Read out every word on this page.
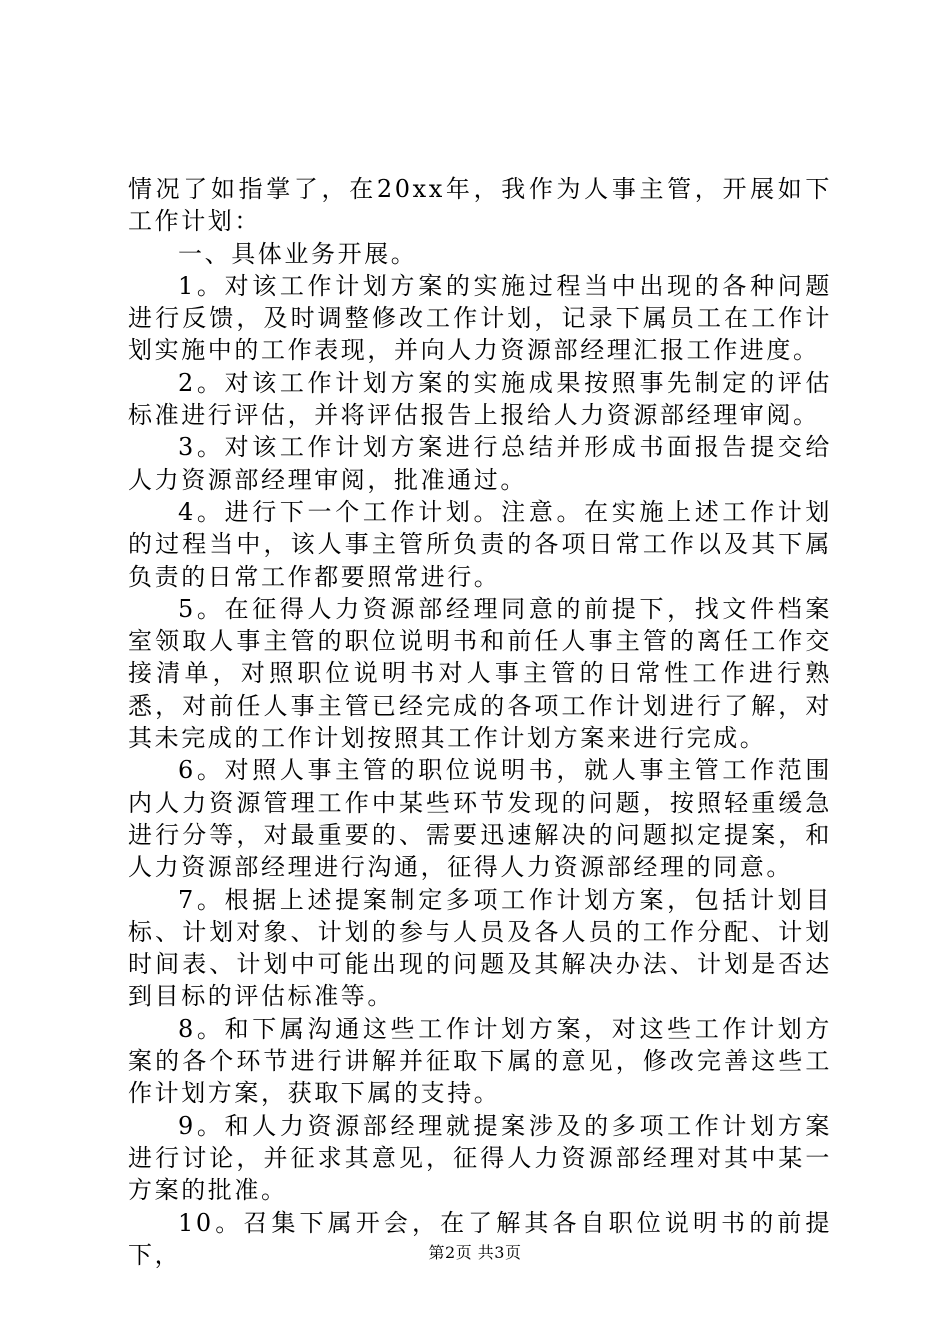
情况了如指掌了，在20xx年，我作为人事主管，开展如下工作计划：

一、具体业务开展。

1。对该工作计划方案的实施过程当中出现的各种问题进行反馈，及时调整修改工作计划，记录下属员工在工作计划实施中的工作表现，并向人力资源部经理汇报工作进度。

2。对该工作计划方案的实施成果按照事先制定的评估标准进行评估，并将评估报告上报给人力资源部经理审阅。

3。对该工作计划方案进行总结并形成书面报告提交给人力资源部经理审阅，批准通过。

4。进行下一个工作计划。注意。在实施上述工作计划的过程当中，该人事主管所负责的各项日常工作以及其下属负责的日常工作都要照常进行。

5。在征得人力资源部经理同意的前提下，找文件档案室领取人事主管的职位说明书和前任人事主管的离任工作交接清单，对照职位说明书对人事主管的日常性工作进行熟悉，对前任人事主管已经完成的各项工作计划进行了解，对其未完成的工作计划按照其工作计划方案来进行完成。

6。对照人事主管的职位说明书，就人事主管工作范围内人力资源管理工作中某些环节发现的问题，按照轻重缓急进行分等，对最重要的、需要迅速解决的问题拟定提案，和人力资源部经理进行沟通，征得人力资源部经理的同意。

7。根据上述提案制定多项工作计划方案，包括计划目标、计划对象、计划的参与人员及各人员的工作分配、计划时间表、计划中可能出现的问题及其解决办法、计划是否达到目标的评估标准等。

8。和下属沟通这些工作计划方案，对这些工作计划方案的各个环节进行讲解并征取下属的意见，修改完善这些工作计划方案，获取下属的支持。

9。和人力资源部经理就提案涉及的多项工作计划方案进行讨论，并征求其意见，征得人力资源部经理对其中某一方案的批准。

10。召集下属开会，在了解其各自职位说明书的前提下，	第2页 共3页
